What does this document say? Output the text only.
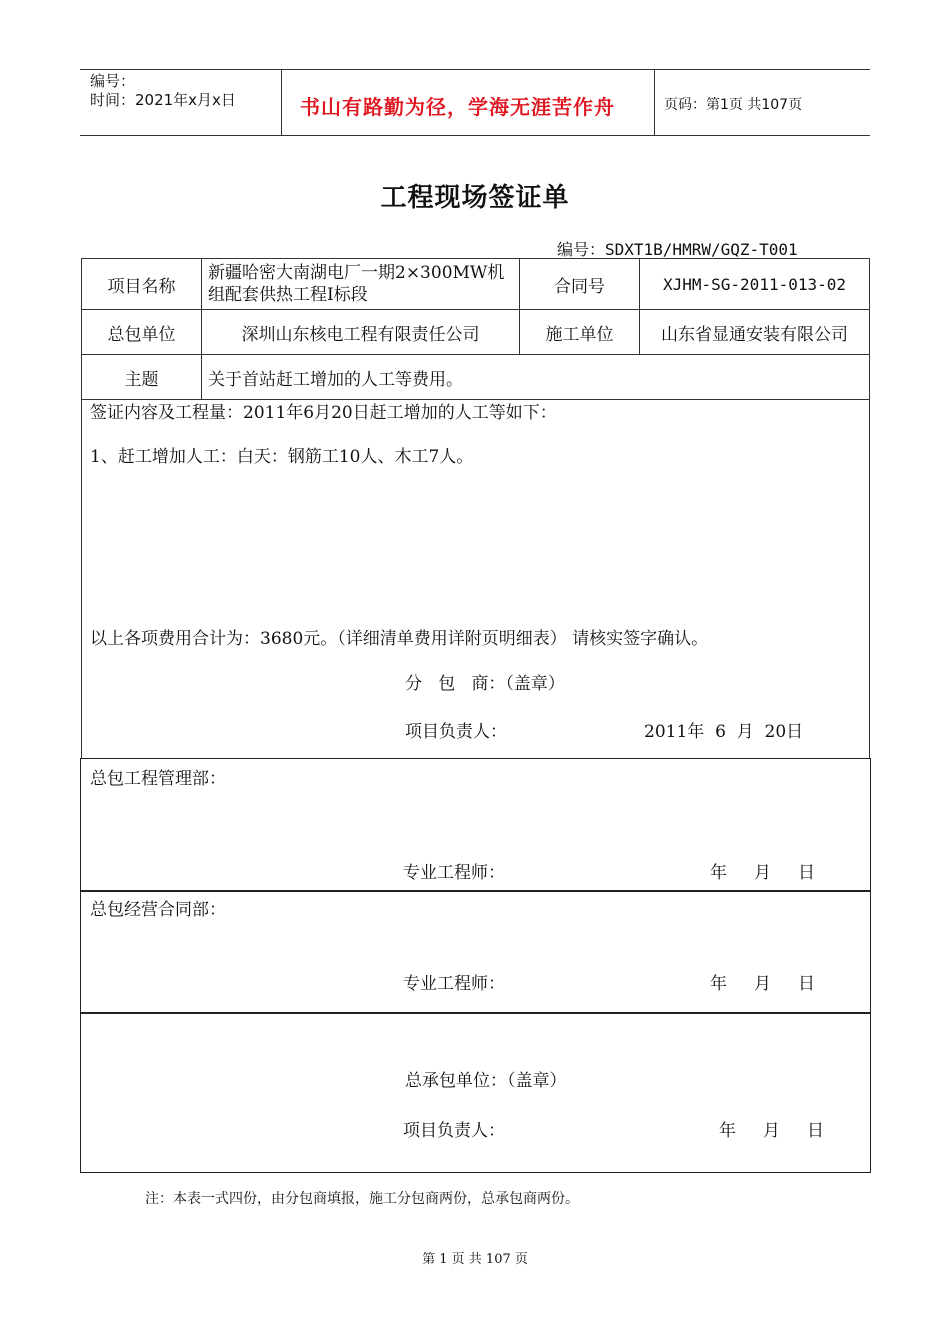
编号：
时间：2021年x月x日	书山有路勤为径，学海无涯苦作舟	页码：第1页 共107页
工程现场签证单
编号：SDXT1B/HMRW/GQZ-T001
项目名称	新疆哈密大南湖电厂一期2×300MW机
组配套供热工程Ⅰ标段	合同号	XJHM-SG-2011-013-02
总包单位	深圳山东核电工程有限责任公司	施工单位	山东省显通安装有限公司
主题	关于首站赶工增加的人工等费用。		
签证内容及工程量：2011年6月20日赶工增加的人工等如下：
1、赶工增加人工：白天：钢筋工10人、木工7人。
以上各项费用合计为：3680元。（详细清单费用详附页明细表） 请核实签字确认。
分   包   商：（盖章）
项目负责人：	2011年  6  月  20日
总包工程管理部：
专业工程师：	年     月     日
总包经营合同部：
专业工程师：	年     月     日
总承包单位：（盖章）
项目负责人：	年     月     日
注：本表一式四份，由分包商填报，施工分包商两份，总承包商两份。
第 1 页 共 107 页
